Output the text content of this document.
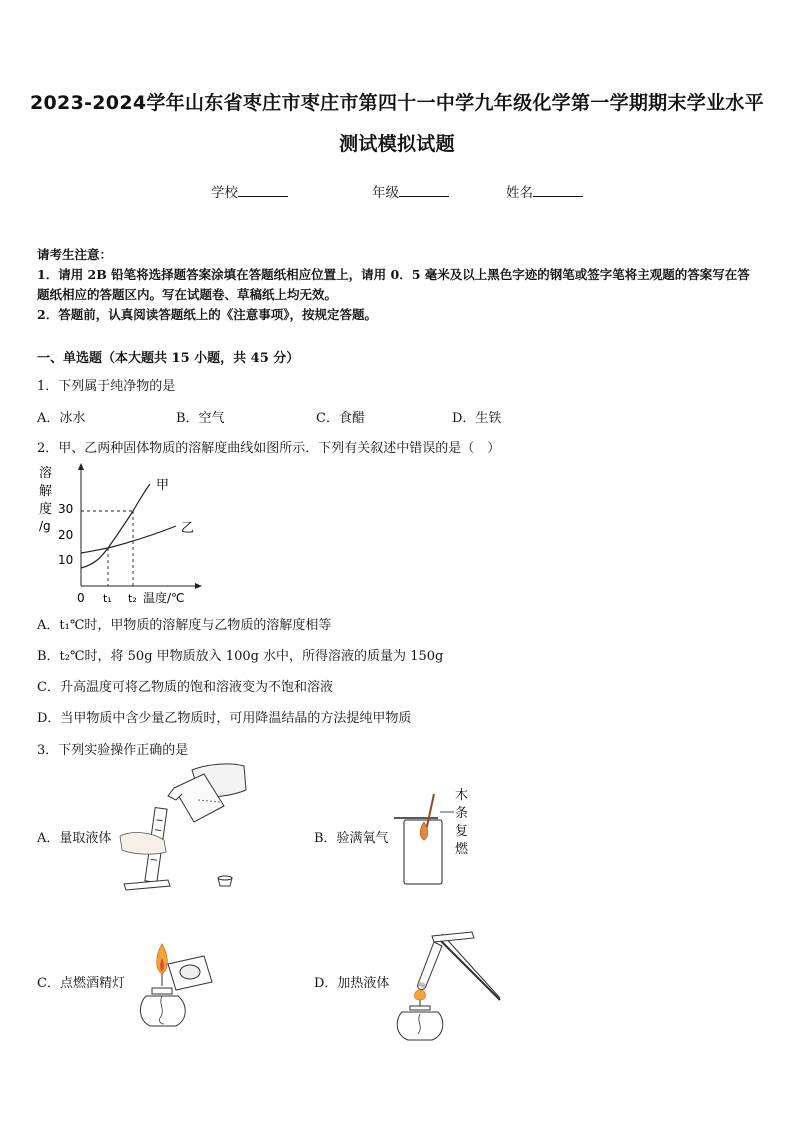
2023-2024学年山东省枣庄市枣庄市第四十一中学九年级化学第一学期期末学业水平
测试模拟试题
学校	年级	姓名
请考生注意：
1．请用 2B 铅笔将选择题答案涂填在答题纸相应位置上，请用 0．5 毫米及以上黑色字迹的钢笔或签字笔将主观题的答案写在答题纸相应的答题区内。写在试题卷、草稿纸上均无效。
2．答题前，认真阅读答题纸上的《注意事项》，按规定答题。
一、单选题（本大题共 15 小题，共 45 分）
1．下列属于纯净物的是
A．冰水	B．空气	C．食醋	D．生铁
2．甲、乙两种固体物质的溶解度曲线如图所示．下列有关叙述中错误的是（　）
溶
解
度
/g
10
20
30
0 t₁ t₂ 温度/℃
甲
乙
A．t₁℃时，甲物质的溶解度与乙物质的溶解度相等
B．t₂℃时，将 50g 甲物质放入 100g 水中，所得溶液的质量为 150g
C．升高温度可将乙物质的饱和溶液变为不饱和溶液
D．当甲物质中含少量乙物质时，可用降温结晶的方法提纯甲物质
3．下列实验操作正确的是
A．量取液体	B．验满氧气
C．点燃酒精灯	D．加热液体
木
条
复
燃
